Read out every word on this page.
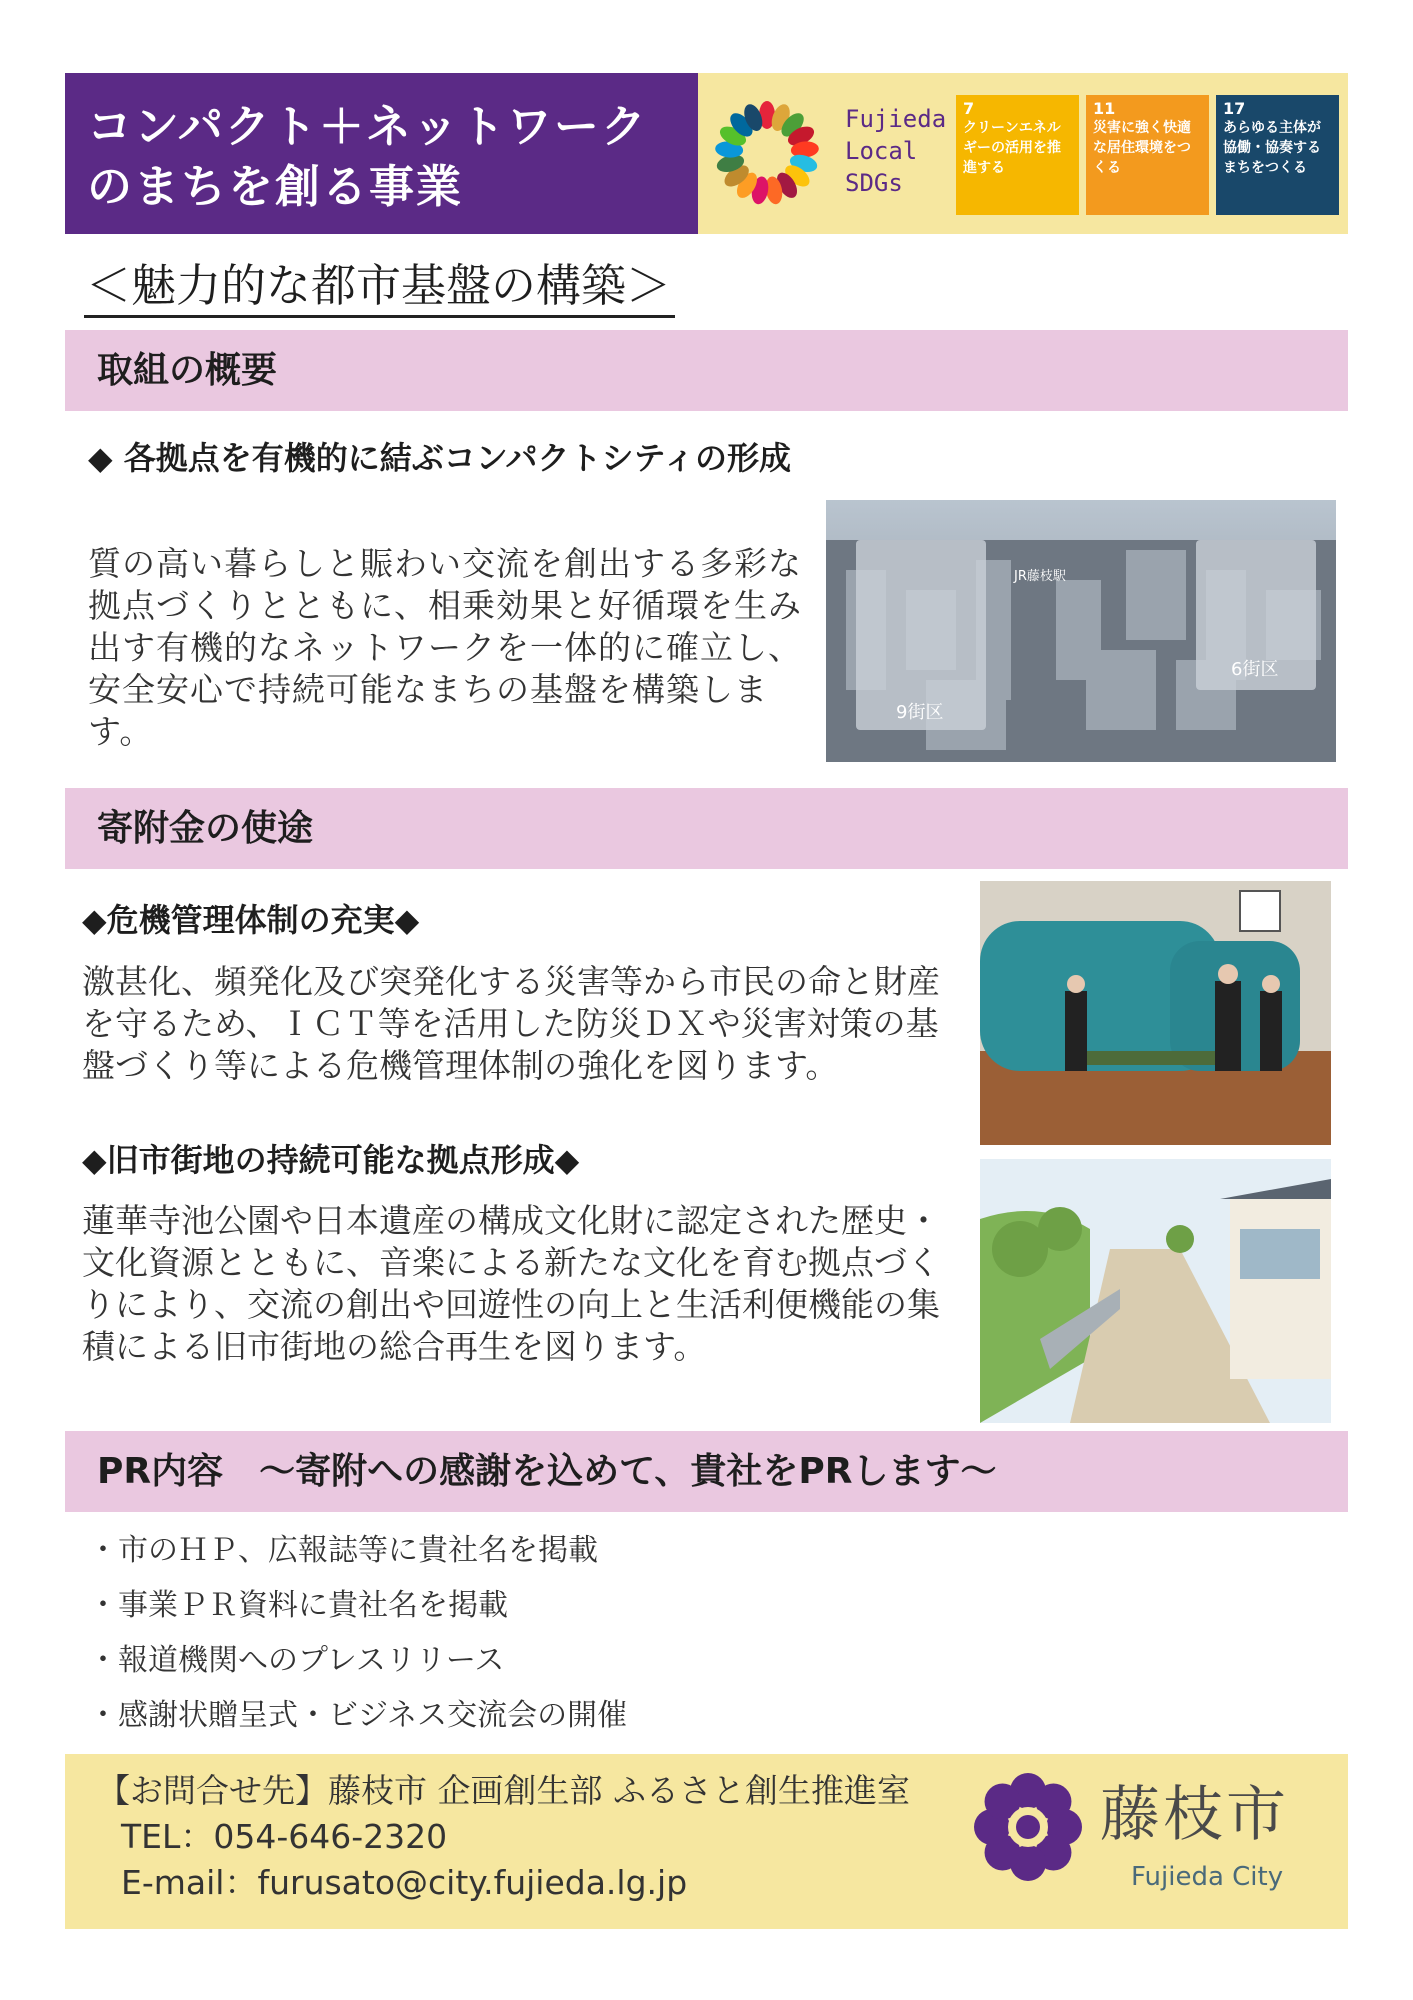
コンパクト＋ネットワーク
のまちを創る事業
Fujieda
Local
SDGs
7
クリーンエネルギーの活用を推進する
11
災害に強く快適な居住環境をつくる
17
あらゆる主体が協働・協奏するまちをつくる
＜魅力的な都市基盤の構築＞
取組の概要
◆ 各拠点を有機的に結ぶコンパクトシティの形成
質の高い暮らしと賑わい交流を創出する多彩な拠点づくりとともに、相乗効果と好循環を生み出す有機的なネットワークを一体的に確立し、安全安心で持続可能なまちの基盤を構築します。
JR藤枝駅
9街区
6街区
寄附金の使途
◆危機管理体制の充実◆
激甚化、頻発化及び突発化する災害等から市民の命と財産を守るため、ＩＣＴ等を活用した防災ＤＸや災害対策の基盤づくり等による危機管理体制の強化を図ります。
◆旧市街地の持続可能な拠点形成◆
蓮華寺池公園や日本遺産の構成文化財に認定された歴史・文化資源とともに、音楽による新たな文化を育む拠点づくりにより、交流の創出や回遊性の向上と生活利便機能の集積による旧市街地の総合再生を図ります。
PR内容　～寄附への感謝を込めて、貴社をPRします～
・ 市のＨＰ、広報誌等に貴社名を掲載
・ 事業ＰＲ資料に貴社名を掲載
・ 報道機関へのプレスリリース
・ 感謝状贈呈式・ビジネス交流会の開催
【お問合せ先】藤枝市 企画創生部 ふるさと創生推進室
TEL：054-646-2320
E-mail：furusato@city.fujieda.lg.jp
藤枝市
Fujieda City
